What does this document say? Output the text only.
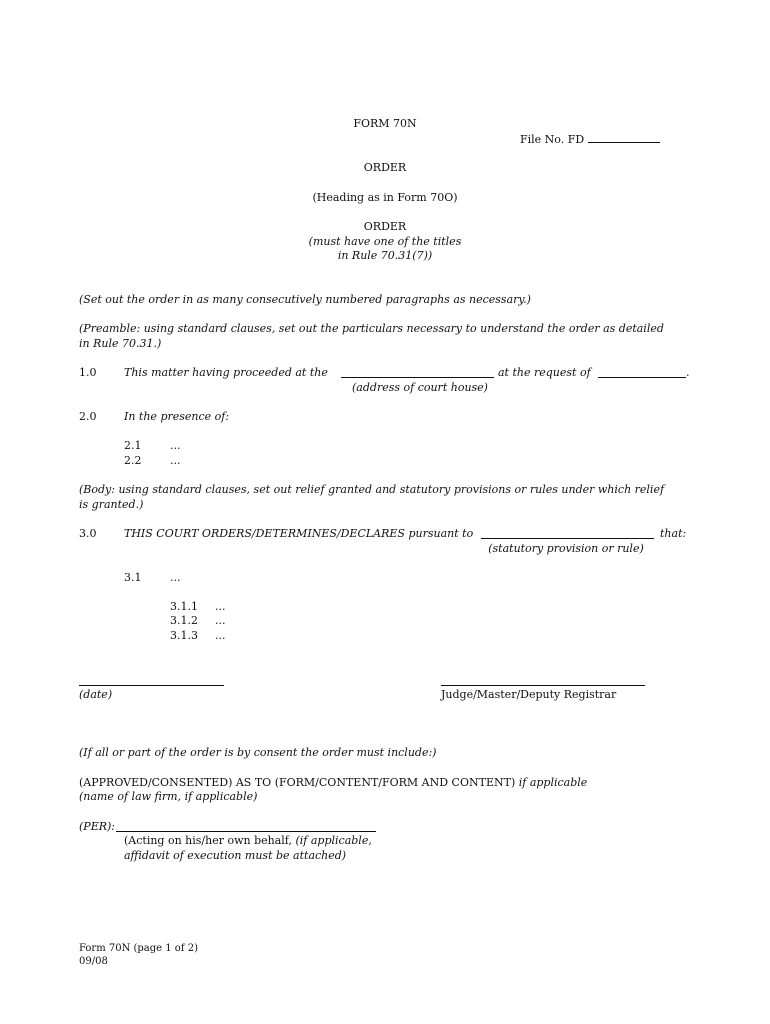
FORM 70N
File No. FD
ORDER
(Heading as in Form 70O)
ORDER
(must have one of the titles
in Rule 70.31(7))
(Set out the order in as many consecutively numbered paragraphs as necessary.)
(Preamble: using standard clauses, set out the particulars necessary to understand the order as detailed
in Rule 70.31.)
1.0	This matter having proceeded at the	at the request of	.
(address of court house)
2.0	In the presence of:
2.1	...
2.2	...
(Body: using standard clauses, set out relief granted and statutory provisions or rules under which relief
is granted.)
3.0	THIS COURT ORDERS/DETERMINES/DECLARES pursuant to	that:
(statutory provision or rule)
3.1	...
3.1.1 ...
3.1.2 ...
3.1.3 ...
(date)	Judge/Master/Deputy Registrar
(If all or part of the order is by consent the order must include:)
(APPROVED/CONSENTED) AS TO (FORM/CONTENT/FORM AND CONTENT) if applicable
(name of law firm, if applicable)
(PER):
(Acting on his/her own behalf, (if applicable,
affidavit of execution must be attached)
Form 70N (page 1 of 2)
09/08
